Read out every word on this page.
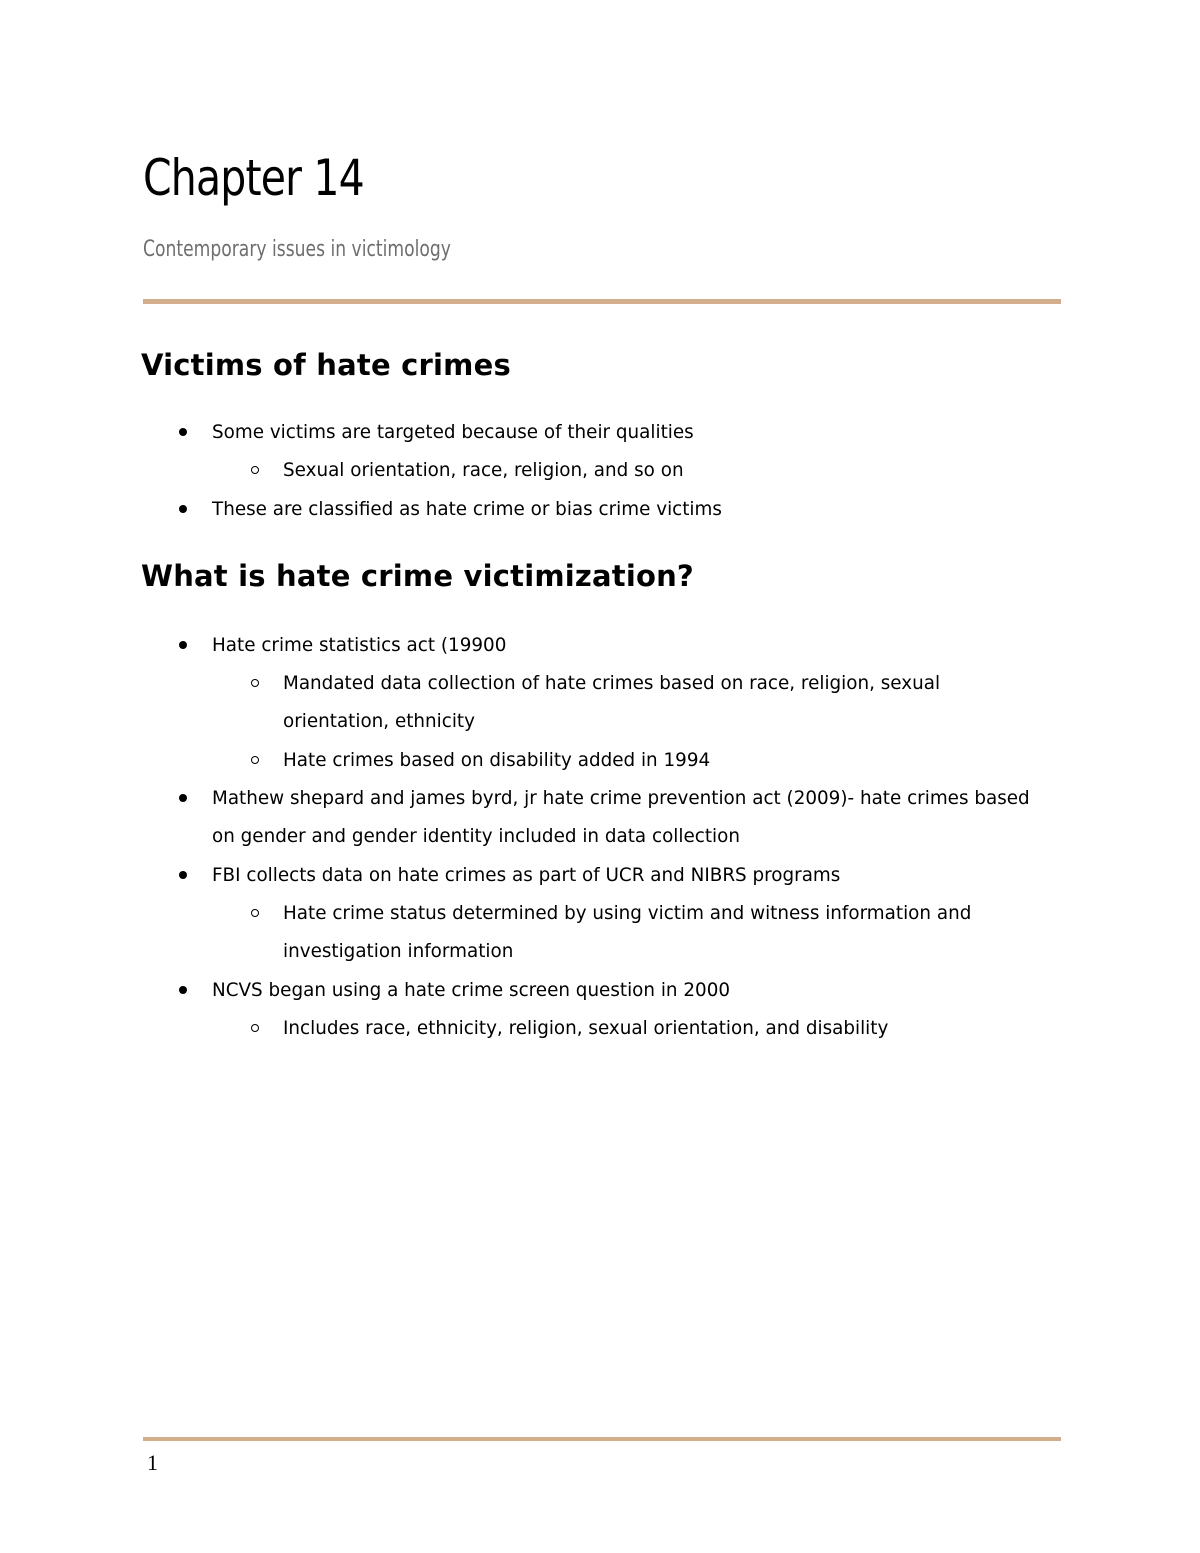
Chapter 14

Contemporary issues in victimology

Victims of hate crimes
Some victims are targeted because of their qualities
Sexual orientation, race, religion, and so on
These are classified as hate crime or bias crime victims
What is hate crime victimization?
Hate crime statistics act (19900
Mandated data collection of hate crimes based on race, religion, sexual orientation, ethnicity
Hate crimes based on disability added in 1994
Mathew shepard and james byrd, jr hate crime prevention act (2009)- hate crimes based on gender and gender identity included in data collection
FBI collects data on hate crimes as part of UCR and NIBRS programs
Hate crime status determined by using victim and witness information and investigation information
NCVS began using a hate crime screen question in 2000
Includes race, ethnicity, religion, sexual orientation, and disability
1
